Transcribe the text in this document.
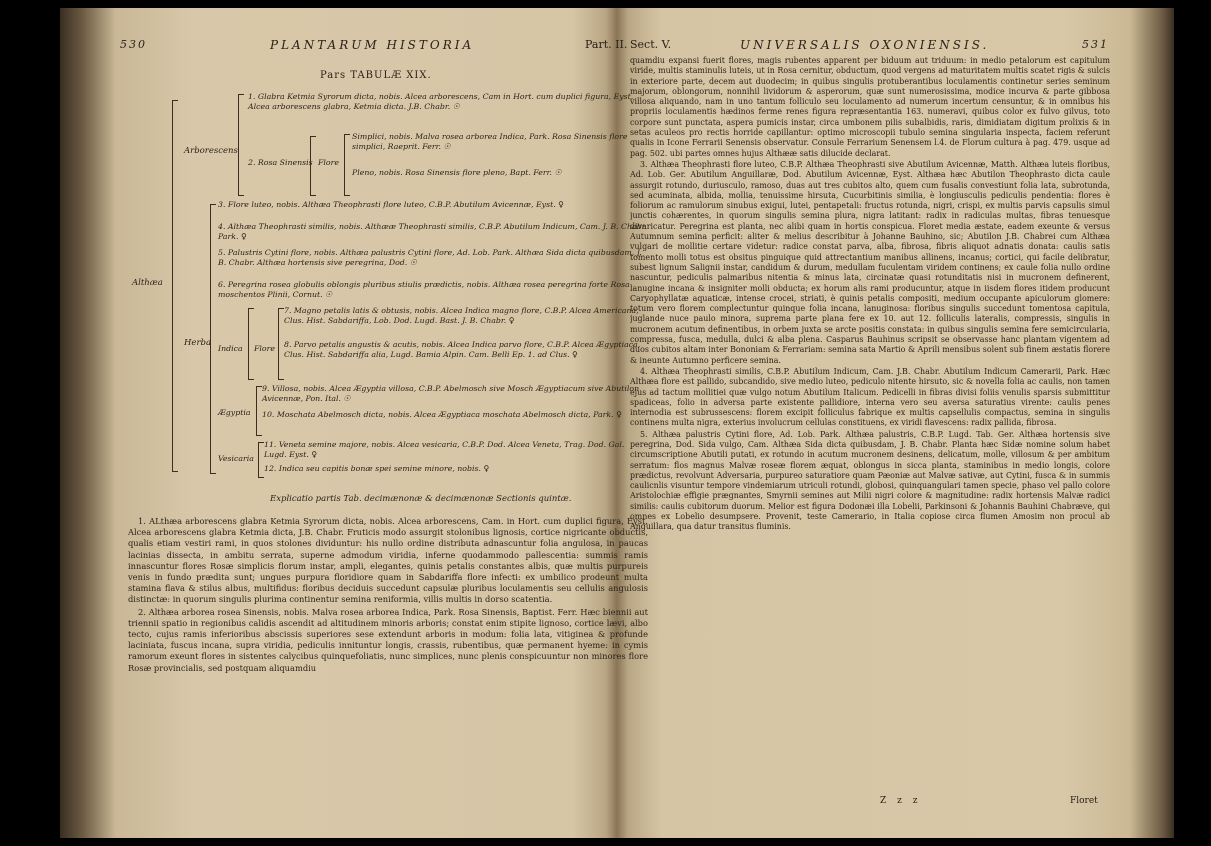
530	PLANTARUM HISTORIA	Part. II.
Pars TABULÆ XIX.
Althæa
Arborescens
1. Glabra Ketmia Syrorum dicta, nobis. Alcea arborescens, Cam in Hort. cum duplici figura, Eyst. Alcea arborescens glabra, Ketmia dicta. J.B. Chabr. ☉
2. Rosa Sinensis Flore
Simplici, nobis. Malva rosea arborea Indica, Park. Rosa Sinensis flore simplici, Raeprit. Ferr. ☉
Pleno, nobis. Rosa Sinensis flore pleno, Bapt. Ferr. ☉
Herba
3. Flore luteo, nobis. Althæa Theophrasti flore luteo, C.B.P. Abutilum Avicennæ, Eyst. ♀
4. Althæa Theophrasti similis, nobis. Althææ Theophrasti similis, C.B.P. Abutilum Indicum, Cam. J. B. Chabr. Park. ♀
5. Palustris Cytini flore, nobis. Althæa palustris Cytini flore, Ad. Lob. Park. Althæa Sida dicta quibusdam, J. B. Chabr. Althæa hortensis sive peregrina, Dod. ☉
6. Peregrina rosea globulis oblongis pluribus stiulis prædictis, nobis. Althæa rosea peregrina forte Rosa moschentos Plinii, Cornut. ☉
Indica Flore
7. Magno petalis latis & obtusis, nobis. Alcea Indica magno flore, C.B.P. Alcea Americana, Clus. Hist. Sabdariffa, Lob. Dod. Lugd. Bast. J. B. Chabr. ♀
8. Parvo petalis angustis & acutis, nobis. Alcea Indica parvo flore, C.B.P. Alcea Ægyptiaca, Clus. Hist. Sabdariffa alia, Lugd. Bamia Alpin. Cam. Belli Ep. 1. ad Clus. ♀
Ægyptia
9. Villosa, nobis. Alcea Ægyptia villosa, C.B.P. Abelmosch sive Mosch Ægyptiacum sive Abutilon Avicennæ, Pon. Ital. ☉
10. Moschata Abelmosch dicta, nobis. Alcea Ægyptiaca moschata Abelmosch dicta, Park. ♀
Vesicaria
11. Veneta semine majore, nobis. Alcea vesicaria, C.B.P. Dod. Alcea Veneta, Trag. Dod. Gal. Lugd. Eyst. ♀
12. Indica seu capitis bonæ spei semine minore, nobis. ♀
Explicatio partis Tab. decimænonæ & decimænonæ Sectionis quintæ.

1. ALthæa arborescens glabra Ketmia Syrorum dicta, nobis. Alcea arborescens, Cam. in Hort. cum duplici figura, Eyst. Alcea arborescens glabra Ketmia dicta, J.B. Chabr. Fruticis modo assurgit stolonibus lignosis, cortice nigricante obductis, qualis etiam vestiri rami, in quos stolones dividuntur: his nullo ordine distributa adnascuntur folia angulosa, in paucas lacinias dissecta, in ambitu serrata, superne admodum viridia, inferne quodammodo pallescentia: summis ramis innascuntur flores Rosæ simplicis florum instar, ampli, elegantes, quinis petalis constantes albis, quæ multis purpureis venis in fundo prædita sunt; ungues purpura floridiore quam in Sabdariffa flore infecti: ex umbilico prodeunt multa stamina flava & stilus albus, multifidus: floribus deciduis succedunt capsulæ pluribus loculamentis seu cellulis angulosis distinctæ: in quorum singulis plurima continentur semina reniformia, villis multis in dorso scatentia.

2. Althæa arborea rosea Sinensis, nobis. Malva rosea arborea Indica, Park. Rosa Sinensis, Baptist. Ferr. Hæc biennii aut triennii spatio in regionibus calidis ascendit ad altitudinem minoris arboris; constat enim stipite lignoso, cortice lævi, albo tecto, cujus ramis inferioribus abscissis superiores sese extendunt arboris in modum: folia lata, vitiginea & profunde laciniata, fuscus incana, supra viridia, pediculis innituntur longis, crassis, rubentibus, quæ permanent hyeme: in cymis ramorum exeunt flores in sistentes calycibus quinquefoliatis, nunc simplices, nunc plenis conspicuuntur non minores flore Rosæ provincialis, sed postquam aliquamdiu

Sect. V.	UNIVERSALIS OXONIENSIS.	531

quamdiu expansi fuerit flores, magis rubentes apparent per biduum aut triduum: in medio petalorum est capitulum viride, multis staminulis luteis, ut in Rosa cernitur, obductum, quod vergens ad maturitatem multis scatet rigis & sulcis in exteriore parte, decem aut duodecim; in quibus singulis protuberantibus loculamentis continetur series seminum majorum, oblongorum, nonnihil lividorum & asperorum, quæ sunt numerosissima, modice incurva & parte gibbosa villosa aliquando, nam in uno tantum folliculo seu loculamento ad numerum incertum censuntur, & in omnibus his propriis loculamentis hædinos ferme renes figura repræsentantia 163. numeravi, quibus color ex fulvo gilvus, toto corpore sunt punctata, aspera pumicis instar, circa umbonem pilis subalbidis, raris, dimidiatam digitum prolixis & in setas aculeos pro rectis horride capillantur: optimo microscopii tubulo semina singularia inspecta, faciem referunt qualis in Icone Ferrarii Senensis observatur. Consule Ferrarium Senensem l.4. de Florum cultura à pag. 479. usque ad pag. 502. ubi partes omnes hujus Althææ satis dilucide declarat.

3. Althæa Theophrasti flore luteo, C.B.P. Althæa Theophrasti sive Abutilum Avicennæ, Matth. Althæa luteis floribus, Ad. Lob. Ger. Abutilum Anguillaræ, Dod. Abutilum Avicennæ, Eyst. Althæa hæc Abutilon Theophrasto dicta caule assurgit rotundo, duriusculo, ramoso, duas aut tres cubitos alto, quem cum fusalis convestiunt folia lata, subrotunda, sed acuminata, albida, mollia, tenuissime hirsuta, Cucurbitinis similia, è longiusculis pediculis pendentia: flores è foliorum ac ramulorum sinubus exigui, lutei, pentapetali: fructus rotunda, nigri, crispi, ex multis parvis capsulis simul junctis cohærentes, in quorum singulis semina plura, nigra latitant: radix in radiculas multas, fibras tenuesque divaricatur. Peregrina est planta, nec alibi quam in hortis conspicua. Floret media æstate, eadem exeunte & versus Autumnum semina perficit: aliter & melius describitur à Johanne Bauhino, sic; Abutilon J.B. Chabrei cum Althæa vulgari de mollitie certare videtur: radice constat parva, alba, fibrosa, fibris aliquot adnatis donata: caulis satis tomento molli totus est obsitus pinguique quid attrectantium manibus allinens, incanus; cortici, qui facile delibratur, subest lignum Salignii instar, candidum & durum, medullam fuculentam viridem continens; ex caule folia nullo ordine nascuntur, pediculis palmaribus nitentia & minus lata, circinatæ quasi rotunditatis nisi in mucronem definerent, lanugine incana & insigniter molli obducta; ex horum alis rami producuntur, atque in iisdem flores itidem producunt Caryophyllatæ aquaticæ, intense crocei, striati, è quinis petalis compositi, medium occupante apiculorum glomere: totum vero florem complectuntur quinque folia incana, lanuginosa: floribus singulis succedunt tomentosa capitula, juglande nuce paulo minora, suprema parte plana fere ex 10. aut 12. folliculis lateralis, compressis, singulis in mucronem acutum definentibus, in orbem juxta se arcte positis constata: in quibus singulis semina fere semicircularia, compressa, fusca, medulla, dulci & alba plena. Casparus Bauhinus scripsit se observasse hanc plantam vigentem ad duos cubitos altam inter Bononiam & Ferrariam: semina sata Martio & Aprili mensibus solent sub finem æstatis florere & ineunte Autumno perficere semina.

4. Althæa Theophrasti similis, C.B.P. Abutilum Indicum, Cam. J.B. Chabr. Abutilum Indicum Camerarii, Park. Hæc Althæa flore est pallido, subcandido, sive medio luteo, pediculo nitente hirsuto, sic & novella folia ac caulis, non tamen ejus ad tactum mollitiei quæ vulgo notum Abutilum Italicum. Pedicelli in fibras divisi foliis venulis sparsis submittitur spadiceas, folio in adversa parte existente pallidiore, interna vero seu aversa saturatius virente: caulis penes internodia est subrussescens: florem excipit folliculus fabrique ex multis capsellulis compactus, semina in singulis continens multa nigra, exterius involucrum cellulas constituens, ex viridi flavescens: radix pallida, fibrosa.

5. Althæa palustris Cytini flore, Ad. Lob. Park. Althæa palustris, C.B.P. Lugd. Tab. Ger. Althæa hortensis sive peregrina, Dod. Sida vulgo, Cam. Althæa Sida dicta quibusdam, J. B. Chabr. Planta hæc Sidæ nomine solum habet circumscriptione Abutili putati, ex rotundo in acutum mucronem desinens, delicatum, molle, villosum & per ambitum serratum: flos magnus Malvæ roseæ florem æquat, oblongus in sicca planta, staminibus in medio longis, colore prædictus, revolvunt Adversaria, purpureo saturatiore quam Pæoniæ aut Malvæ sativæ, aut Cytini, fusca & in summis caulicnlis visuntur tempore vindemiarum utriculi rotundi, globosi, quinquangulari tamen specie, phaso vel pallo colore Aristolochiæ effigie prægnantes, Smyrnii semines aut Milii nigri colore & magnitudine: radix hortensis Malvæ radici similis: caulis cubitorum duorum. Melior est figura Dodonæi illa Lobelii, Parkinsoni & Johannis Bauhini Chabræve, qui omnes ex Lobelio desumpsere. Provenit, teste Camerario, in Italia copiose circa flumen Amosim non procul ab Anguillara, qua datur transitus fluminis.

Z z z	Floret
